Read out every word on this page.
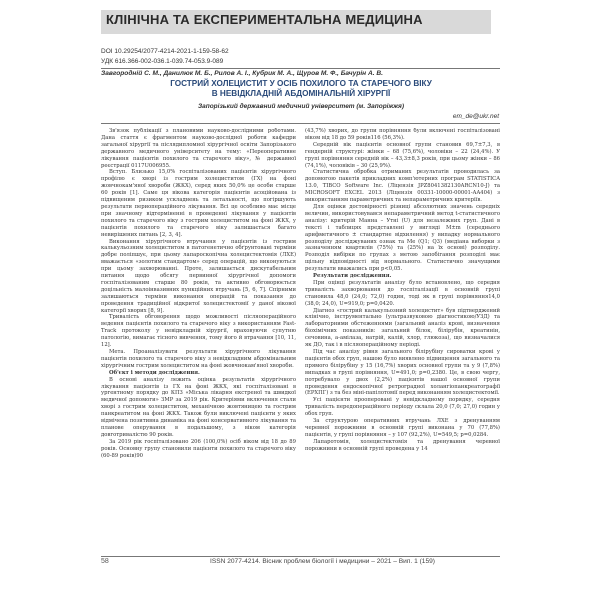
КЛІНІЧНА ТА ЕКСПЕРИМЕНТАЛЬНА МЕДИЦИНА
DOI 10.29254/2077-4214-2021-1-159-58-62
УДК 616.366-002-036.1-039.74-053.9-089
Завгородній С. М., Данилюк М. Б., Рилов А. І., Кубрик М. А., Щуров М. Ф., Бачурін А. В.
ГОСТРИЙ ХОЛЕЦИСТИТ У ОСІБ ПОХИЛОГО ТА СТАРЕЧОГО ВІКУ
В НЕВІДКЛАДНІЙ АБДОМІНАЛЬНІЙ ХІРУРГІЇ
Запорізький державний медичний університет (м. Запоріжжя)
em_de@ukr.net

Зв'язок публікації з плановими науково-дослідними роботами. Дана стаття є фрагментом науково-дослідної роботи кафедри загальної хірургії та післядипломної хірургічної освіти Запорізького державного медичного університету на тему: «Переоперативне лікування пацієнтів похилого та старечого віку», № державної реєстрації 0117U006955.

Вступ. Близько 15,0% госпіталізованих пацієнтів хірургічного профілю є хворі із гострим холециститом (ГХ) на фоні жовчнокам'яної хвороби (ЖКХ), серед яких 50,0% це особи старше 60 років [1]. Саме ця вікова категорія пацієнтів асоційована із підвищеним ризиком ускладнень та летальності, що погіршують результати периопераційного лікування. Всі це особливо має місце при значному відтерміненні в проведенні лікування у пацієнтів похилого та старечого віку з гострим холециститом на фоні ЖКХ, у пацієнтів похилого та старечого віку залишається багато невирішених питань [2, 3, 4].

Виконання хірургічного втручання у пацієнтів із гострим калькульозним холециститом в патогенетично обґрунтовані терміни добре поліпшує, при цьому лапароскопічна холецистектомія (ЛХЕ) вважається «золотим стандартом» серед операцій, що виконуються при цьому захворюванні. Проте, залишається дискутабельним питання щодо обсягу первинної хірургічної допомоги госпіталізованим старше 80 років, та активно обговорюється доцільність малоінвазивних пункційних втручань [5, 6, 7]. Спірними залишаються терміни виконання операцій та показання до проведення традиційної відкритої холецистектомії у даної вікової категорії хворих [8, 9].

Тривалість обговорення щодо можливості післяопераційного ведення пацієнтів похилого та старечого віку з використанням Fast-Track протоколу у невідкладній хірургії, враховуючи супутню патологію, вимагає тісного вивчення, тому його й втрачання [10, 11, 12].

Мета. Проаналізувати результати хірургічного лікування пацієнтів похилого та старечого віку з невідкладним абдомінальним хірургічним гострим холециститом на фоні жовчнокам'яної хвороби.

Об'єкт і методи дослідження.

В основі аналізу лежить оцінка результатів хірургічного лікування пацієнтів із ГХ на фоні ЖКХ, які госпіталізовані в ургентному порядку до КПЗ «Міська лікарня екстреної та швидкої медичної допомоги» ЗМР за 2019 рік. Критеріями включення стали хворі з гострим холециститом, механічною жовтяницею та гострим панкреатитом на фоні ЖКХ. Також були виключені пацієнти у яких відмічена позитивна динаміка на фоні консервативного лікування та планове оперування в подальшому, з віком категорія довготривалістю 90 років.

За 2019 рік госпіталізовано 206 (100,0%) осіб віком від 18 до 89 років. Основну групу становили пацієнти похилого та старечого віку (60-89 років)90

(43,7%) хворих, до групи порівняння були включені госпіталізовані віком від 18 до 59 років116 (56,3%).

Середній вік пацієнтів основної групи становив 69,7±7,3, в гендерній структурі: жінки – 68 (75,6%), чоловіки – 22 (24,4%). У групі порівняння середній вік – 43,3±8,3 років, при цьому жінки – 86 (74,1%), чоловіків – 30 (25,9%).

Статистична обробка отриманих результатів проводилась за допомогою пакетів прикладних комп'ютерних програм STATISTICA 13.0, TIBCO Software Inc. (Ліцензія JPZ8041382130ARCN10-J) та MICROSOFT EXCEL 2013 (Ліцензія 00331-10000-00001-AA404) з використанням параметричних та непараметричних критеріїв.

Для оцінки достовірності різниці абсолютних значень середніх величин, використовувався непараметричний метод t-статистичного аналізу: критерій Манна – Утні (U) для незалежних груп. Дані в тексті і таблицях представлені у вигляді M±m (середнього арифметичного ± стандартне відхилення) у випадку нормального розподілу досліджуваних ознак та Me (Q1; Q3) (медіана виборки з зазначенням квартилів (75%) та (25%) на їх основі) розподілу. Розподіл вибірки по групах з метою запобігання розподілі має щільну відповідності від нормального. Статистично значущими результати вважались при p<0,05.

Результати дослідження.

При оцінці результатів аналізу було встановлено, що середня тривалість захворювання до госпіталізації в основній групі становила 48,0 (24,0; 72,0) годин, тоді як в групі порівняння14,0 (38,0; 24,0), U=919,0; p=0,0420.

Діагноз «гострий калькульозний холецистит» був підтверджений клінічно, інструментально (ультразвуковою діагностикою/УЗД) та лабораторними обстеженнями (загальний аналіз крові, визначення біохімічних показників: загальний білок, білірубін, креатинін, сечовина, а-амілаза, натрій, калій, хлор, глюкоза), що визначалися як ДО, так і в післяопераційному періоді.

Під час аналізу рівня загального білірубіну сироватки крові у пацієнтів обох груп, нашою було виявлено підвищення загального та прямого білірубіну у 15 (16,7%) хворих основної групи та у 9 (7,8%) випадках в групі порівняння, U=491,0; p=0,2380. Це, в свою чергу, потребувало у двох (2,2%) пацієнтів нашої основної групи проведення ендоскопічної ретроградної холангіопанкреатографії (ЕРХПГ) з та без мiнi-папілотомії перед виконанням холецистектомії.

Усі пацієнти прооперовані у невідкладному порядку, середня тривалість передопераційного періоду склала 20,0 (7,0; 27,0) годин у обох груп.

За структурою оперативних втручань ЛХЕ з дренуванням черевної порожнини в основній групі виконана у 70 (77,8%) пацієнтів, у групі порівняння – у 107 (92,2%), U=549,5; p=0,0284.

Лапаротомія, холецистектомія та дренування черевної порожнини в основній групі проведена у 14

58	ISSN 2077-4214. Вісник проблем біології і медицини – 2021 – Вип. 1 (159)
